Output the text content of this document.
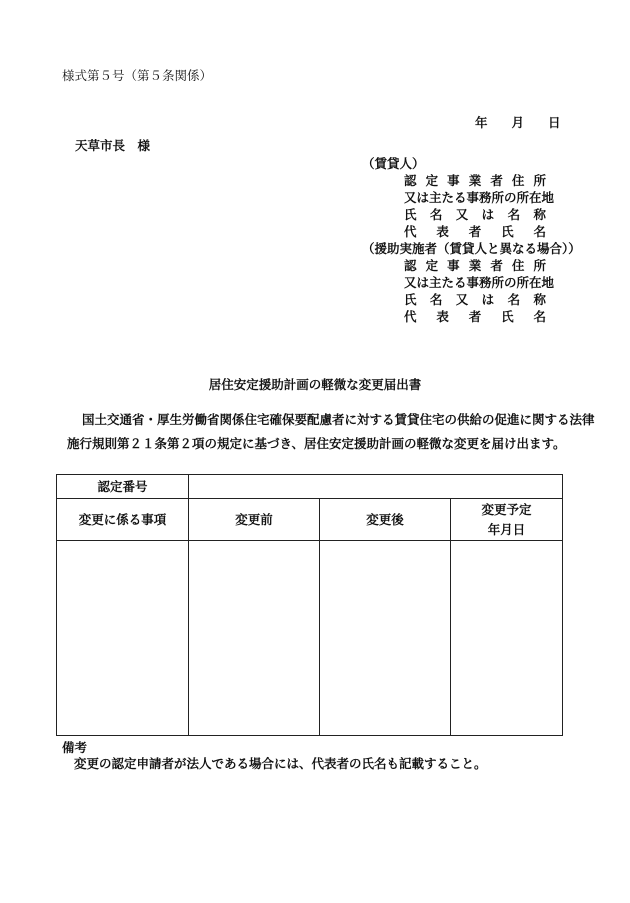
様式第５号（第５条関係）
年 月 日
天草市長　様
（賃貸人）
認 定 事 業 者 住 所
又は主たる事務所の所在地
氏 名 又 は 名 称
代 表 者 氏 名
（援助実施者（賃貸人と異なる場合））
認 定 事 業 者 住 所
又は主たる事務所の所在地
氏 名 又 は 名 称
代 表 者 氏 名
居住安定援助計画の軽微な変更届出書
国土交通省・厚生労働省関係住宅確保要配慮者に対する賃貸住宅の供給の促進に関する法律
施行規則第２１条第２項の規定に基づき、居住安定援助計画の軽微な変更を届け出ます。
認定番号			
変更に係る事項	変更前	変更後	変更予定
年月日

備考
変更の認定申請者が法人である場合には、代表者の氏名も記載すること。
